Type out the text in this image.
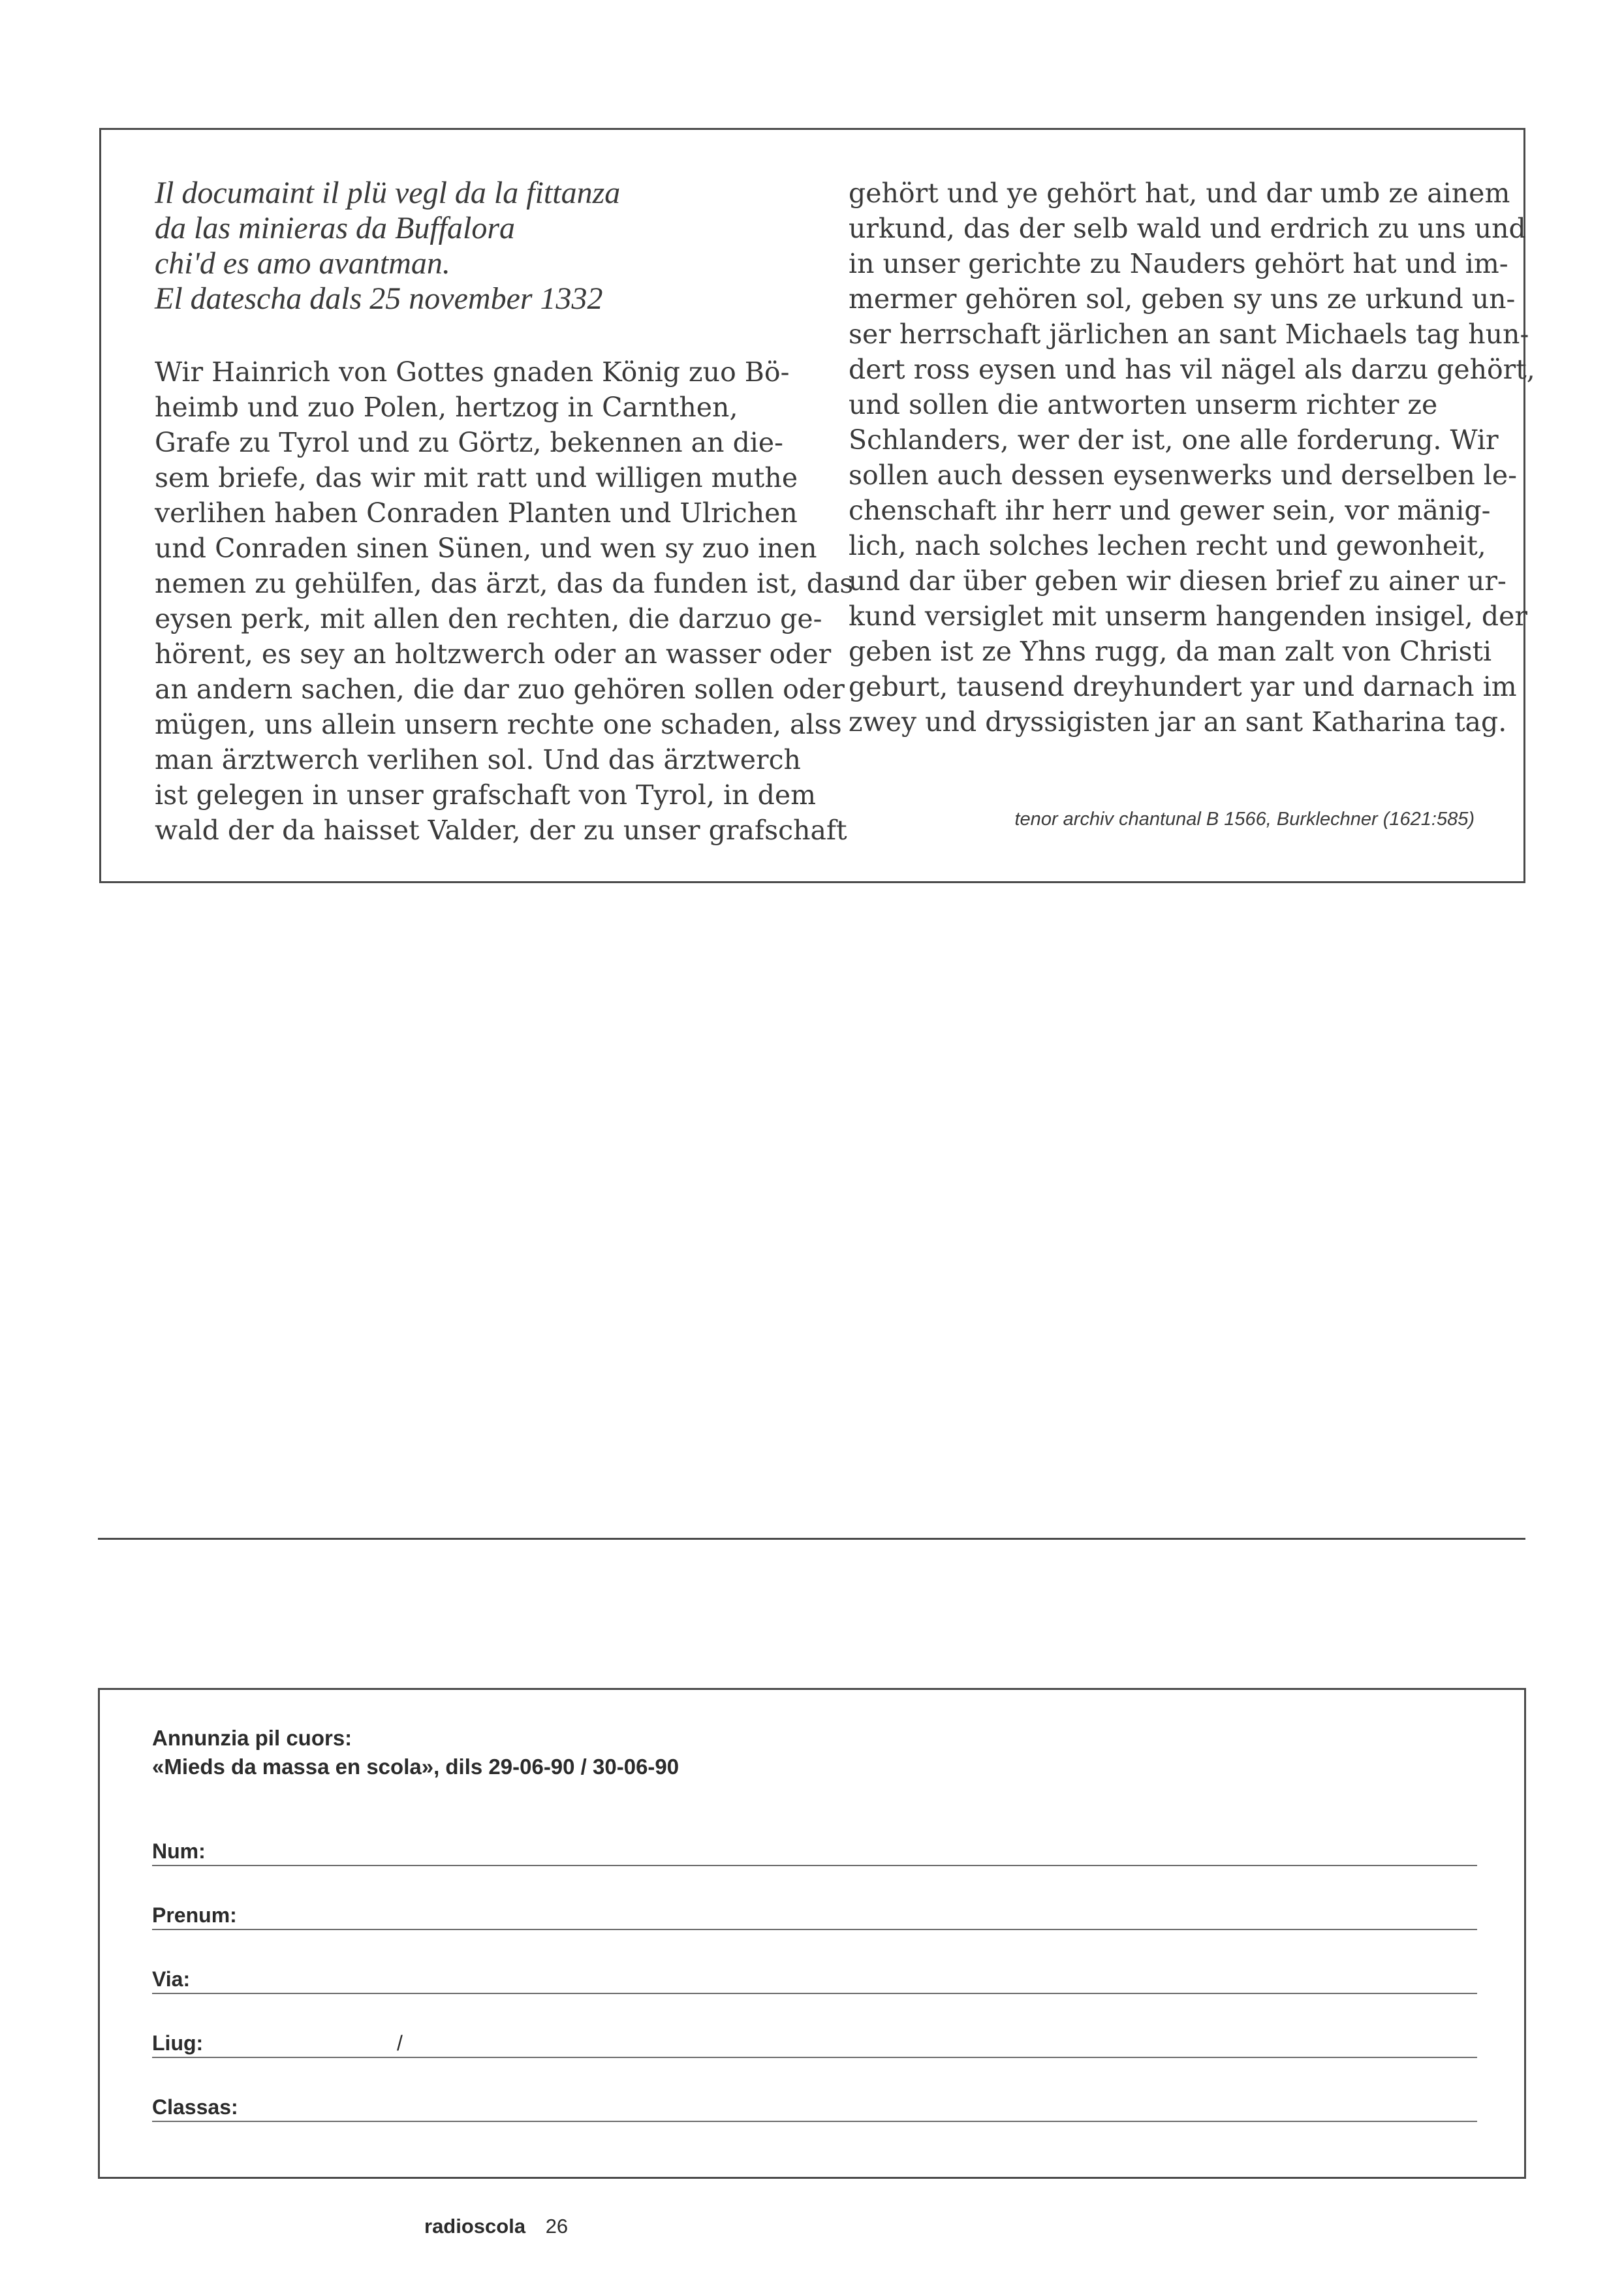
Il documaint il plü vegl da la fittanza
da las minieras da Buffalora
chi'd es amo avantman.
El datescha dals 25 november 1332
Wir Hainrich von Gottes gnaden König zuo Bö-
heimb und zuo Polen, hertzog in Carnthen,
Grafe zu Tyrol und zu Görtz, bekennen an die-
sem briefe, das wir mit ratt und willigen muthe
verlihen haben Conraden Planten und Ulrichen
und Conraden sinen Sünen, und wen sy zuo inen
nemen zu gehülfen, das ärzt, das da funden ist, das
eysen perk, mit allen den rechten, die darzuo ge-
hörent, es sey an holtzwerch oder an wasser oder
an andern sachen, die dar zuo gehören sollen oder
mügen, uns allein unsern rechte one schaden, alss
man ärztwerch verlihen sol. Und das ärztwerch
ist gelegen in unser grafschaft von Tyrol, in dem
wald der da haisset Valder, der zu unser grafschaft
gehört und ye gehört hat, und dar umb ze ainem
urkund, das der selb wald und erdrich zu uns und
in unser gerichte zu Nauders gehört hat und im-
mermer gehören sol, geben sy uns ze urkund un-
ser herrschaft järlichen an sant Michaels tag hun-
dert ross eysen und has vil nägel als darzu gehört,
und sollen die antworten unserm richter ze
Schlanders, wer der ist, one alle forderung. Wir
sollen auch dessen eysenwerks und derselben le-
chenschaft ihr herr und gewer sein, vor mänig-
lich, nach solches lechen recht und gewonheit,
und dar über geben wir diesen brief zu ainer ur-
kund versiglet mit unserm hangenden insigel, der
geben ist ze Yhns rugg, da man zalt von Christi
geburt, tausend dreyhundert yar und darnach im
zwey und dryssigisten jar an sant Katharina tag.
tenor archiv chantunal B 1566, Burklechner (1621:585)
Annunzia pil cuors:
«Mieds da massa en scola», dils 29-06-90 / 30-06-90
Num:
Prenum:
Via:
Liug:	/
Classas:
radioscola 26
